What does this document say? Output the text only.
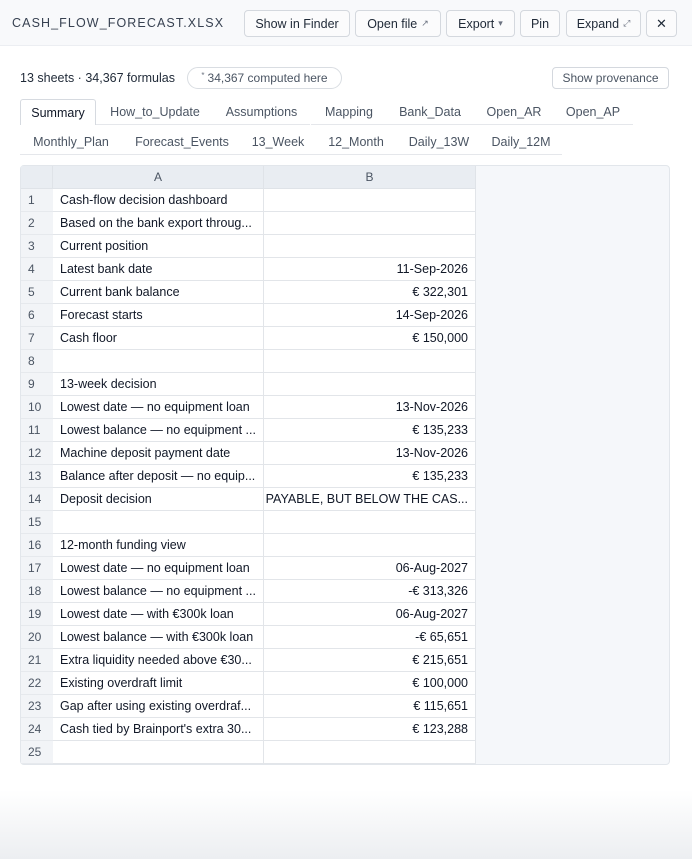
CASH_FLOW_FORECAST.XLSX Show in Finder Open file ↗ Export ▾ Pin Expand ⤢ ✕
13 sheets · 34,367 formulas	* 34,367 computed here	Show provenance
Summary	How_to_Update	Assumptions	Mapping	Bank_Data	Open_AR	Open_AP
Monthly_Plan	Forecast_Events	13_Week	12_Month	Daily_13W	Daily_12M
A	B
1	Cash-flow decision dashboard
2	Based on the bank export throug...
3	Current position
4	Latest bank date	11-Sep-2026
5	Current bank balance	€ 322,301
6	Forecast starts	14-Sep-2026
7	Cash floor	€ 150,000
8
9	13-week decision
10	Lowest date — no equipment loan	13-Nov-2026
11	Lowest balance — no equipment ...	€ 135,233
12	Machine deposit payment date	13-Nov-2026
13	Balance after deposit — no equip...	€ 135,233
14	Deposit decision	PAYABLE, BUT BELOW THE CAS...
15
16	12-month funding view
17	Lowest date — no equipment loan	06-Aug-2027
18	Lowest balance — no equipment ...	-€ 313,326
19	Lowest date — with €300k loan	06-Aug-2027
20	Lowest balance — with €300k loan	-€ 65,651
21	Extra liquidity needed above €30...	€ 215,651
22	Existing overdraft limit	€ 100,000
23	Gap after using existing overdraf...	€ 115,651
24	Cash tied by Brainport's extra 30...	€ 123,288
25
